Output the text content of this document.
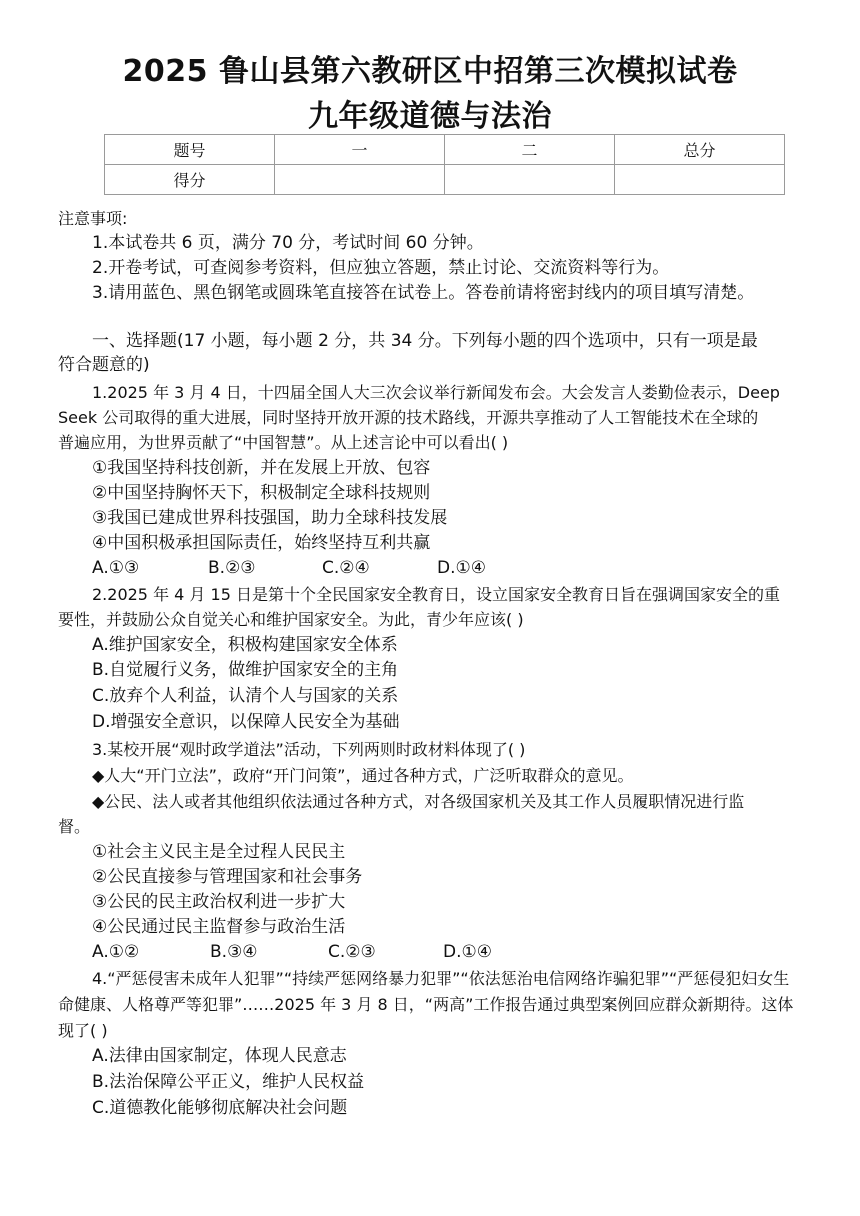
2025 鲁山县第六教研区中招第三次模拟试卷
九年级道德与法治
题号	一	二	总分
得分			
注意事项:
1.本试卷共 6 页，满分 70 分，考试时间 60 分钟。
2.开卷考试，可查阅参考资料，但应独立答题，禁止讨论、交流资料等行为。
3.请用蓝色、黑色钢笔或圆珠笔直接答在试卷上。答卷前请将密封线内的项目填写清楚。
一、选择题(17 小题，每小题 2 分，共 34 分。下列每小题的四个选项中，只有一项是最
符合题意的)
1.2025 年 3 月 4 日，十四届全国人大三次会议举行新闻发布会。大会发言人娄勤俭表示，Deep
Seek 公司取得的重大进展，同时坚持开放开源的技术路线，开源共享推动了人工智能技术在全球的
普遍应用，为世界贡献了“中国智慧”。从上述言论中可以看出( )
①我国坚持科技创新，并在发展上开放、包容
②中国坚持胸怀天下，积极制定全球科技规则
③我国已建成世界科技强国，助力全球科技发展
④中国积极承担国际责任，始终坚持互利共赢
A.①③	B.②③	C.②④	D.①④
2.2025 年 4 月 15 日是第十个全民国家安全教育日，设立国家安全教育日旨在强调国家安全的重
要性，并鼓励公众自觉关心和维护国家安全。为此，青少年应该( )
A.维护国家安全，积极构建国家安全体系
B.自觉履行义务，做维护国家安全的主角
C.放弃个人利益，认清个人与国家的关系
D.增强安全意识，以保障人民安全为基础
3.某校开展“观时政学道法”活动，下列两则时政材料体现了( )
◆人大“开门立法”，政府“开门问策”，通过各种方式，广泛听取群众的意见。
◆公民、法人或者其他组织依法通过各种方式，对各级国家机关及其工作人员履职情况进行监
督。
①社会主义民主是全过程人民民主
②公民直接参与管理国家和社会事务
③公民的民主政治权利进一步扩大
④公民通过民主监督参与政治生活
A.①②	B.③④	C.②③	D.①④
4.“严惩侵害未成年人犯罪”“持续严惩网络暴力犯罪”“依法惩治电信网络诈骗犯罪”“严惩侵犯妇女生
命健康、人格尊严等犯罪”……2025 年 3 月 8 日，“两高”工作报告通过典型案例回应群众新期待。这体
现了( )
A.法律由国家制定，体现人民意志
B.法治保障公平正义，维护人民权益
C.道德教化能够彻底解决社会问题
